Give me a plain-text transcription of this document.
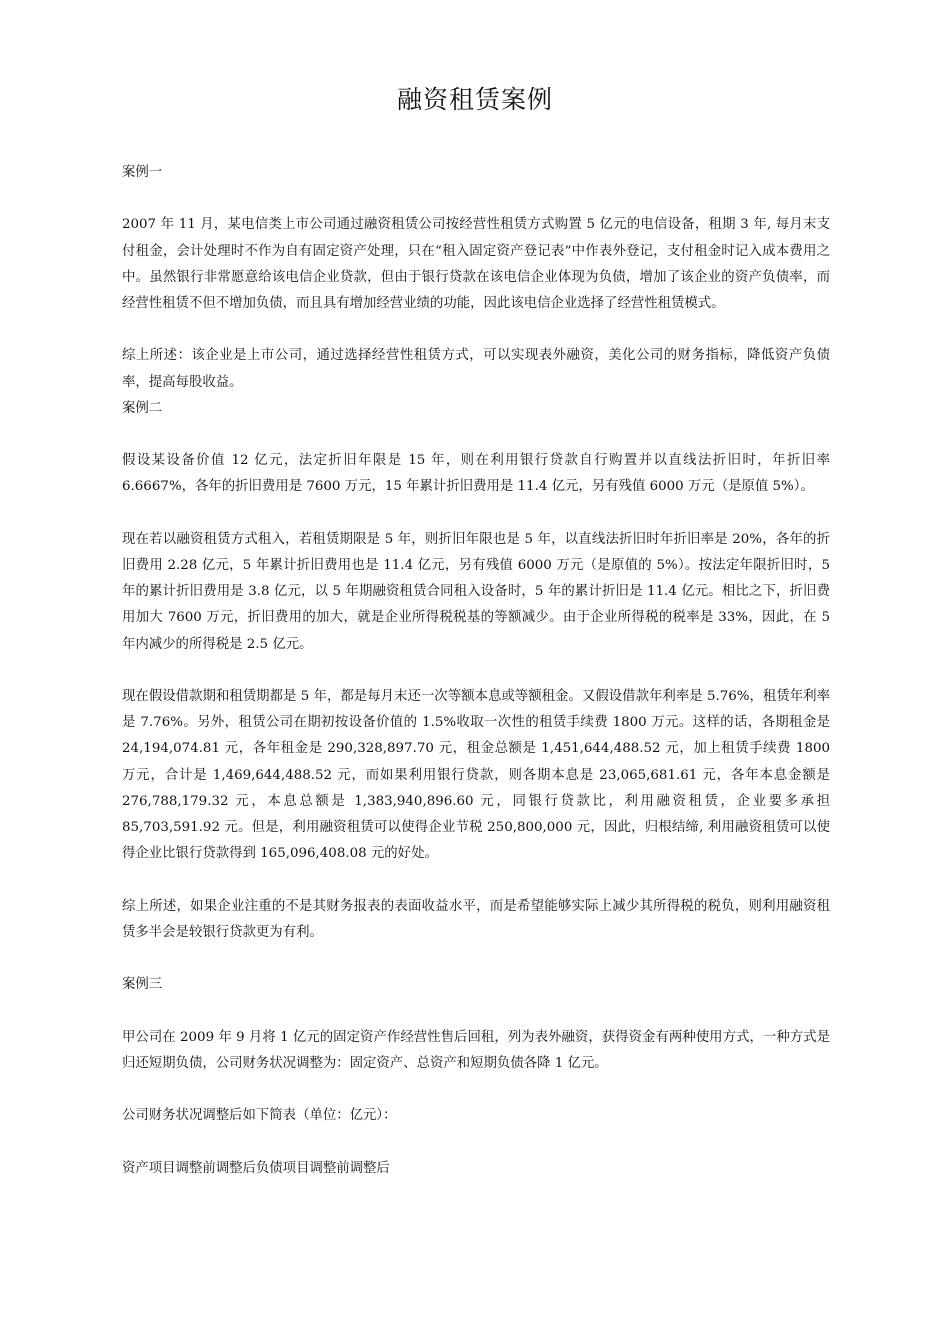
融资租赁案例

案例一

2007 年 11 月，某电信类上市公司通过融资租赁公司按经营性租赁方式购置 5 亿元的电信设备，租期 3 年, 每月末支付租金，会计处理时不作为自有固定资产处理，只在“租入固定资产登记表”中作表外登记，支付租金时记入成本费用之中。虽然银行非常愿意给该电信企业贷款，但由于银行贷款在该电信企业体现为负债，增加了该企业的资产负债率，而经营性租赁不但不增加负债，而且具有增加经营业绩的功能，因此该电信企业选择了经营性租赁模式。

综上所述：该企业是上市公司，通过选择经营性租赁方式，可以实现表外融资，美化公司的财务指标，降低资产负债率，提高每股收益。

案例二

假设某设备价值 12 亿元，法定折旧年限是 15 年，则在利用银行贷款自行购置并以直线法折旧时，年折旧率 6.6667%，各年的折旧费用是 7600 万元，15 年累计折旧费用是 11.4 亿元，另有残值 6000 万元（是原值 5%）。

现在若以融资租赁方式租入，若租赁期限是 5 年，则折旧年限也是 5 年，以直线法折旧时年折旧率是 20%，各年的折旧费用 2.28 亿元，5 年累计折旧费用也是 11.4 亿元，另有残值 6000 万元（是原值的 5%）。按法定年限折旧时，5 年的累计折旧费用是 3.8 亿元，以 5 年期融资租赁合同租入设备时，5 年的累计折旧是 11.4 亿元。相比之下，折旧费用加大 7600 万元，折旧费用的加大，就是企业所得税税基的等额减少。由于企业所得税的税率是 33%，因此，在 5 年内减少的所得税是 2.5 亿元。

现在假设借款期和租赁期都是 5 年，都是每月末还一次等额本息或等额租金。又假设借款年利率是 5.76%，租赁年利率是 7.76%。另外，租赁公司在期初按设备价值的 1.5%收取一次性的租赁手续费 1800 万元。这样的话，各期租金是 24,194,074.81 元，各年租金是 290,328,897.70 元，租金总额是 1,451,644,488.52 元，加上租赁手续费 1800 万元，合计是 1,469,644,488.52 元，而如果利用银行贷款，则各期本息是 23,065,681.61 元，各年本息金额是 276,788,179.32 元，本息总额是 1,383,940,896.60 元，同银行贷款比，利用融资租赁，企业要多承担 85,703,591.92 元。但是，利用融资租赁可以使得企业节税 250,800,000 元，因此，归根结缔, 利用融资租赁可以使得企业比银行贷款得到 165,096,408.08 元的好处。

综上所述，如果企业注重的不是其财务报表的表面收益水平，而是希望能够实际上减少其所得税的税负，则利用融资租赁多半会是较银行贷款更为有利。

案例三

甲公司在 2009 年 9 月将 1 亿元的固定资产作经营性售后回租，列为表外融资，获得资金有两种使用方式，一种方式是归还短期负债，公司财务状况调整为：固定资产、总资产和短期负债各降 1 亿元。

公司财务状况调整后如下简表（单位：亿元）：

资产项目调整前调整后负债项目调整前调整后
